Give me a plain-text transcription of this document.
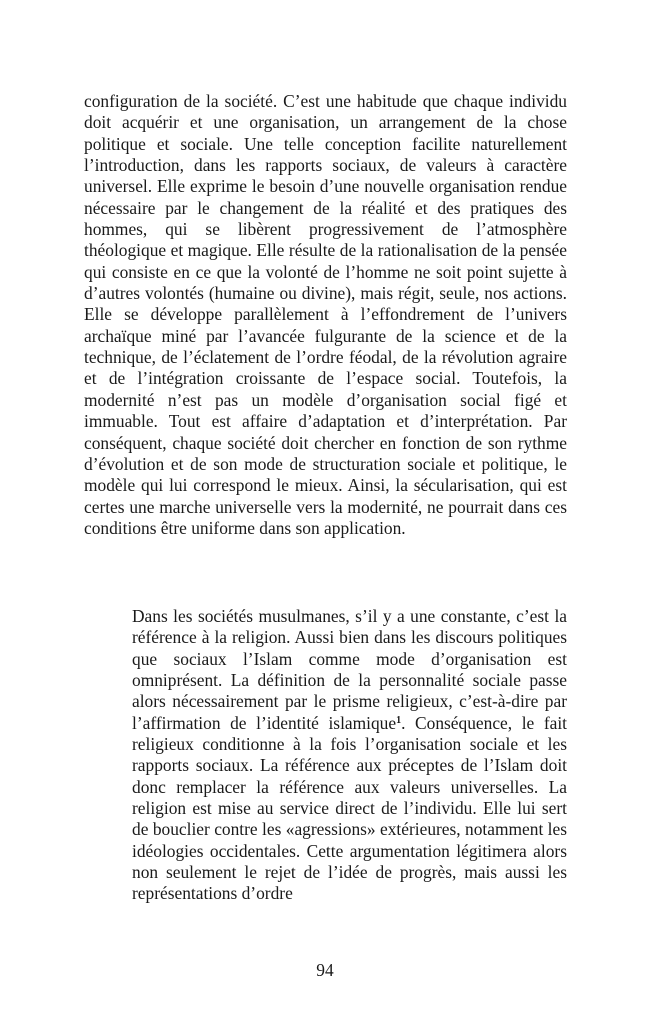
configuration de la société. C’est une habitude que chaque individu doit acquérir et une organisation, un arrangement de la chose politique et sociale. Une telle conception facilite naturellement l’introduction, dans les rapports sociaux, de valeurs à caractère universel. Elle exprime le besoin d’une nouvelle organisation rendue nécessaire par le changement de la réalité et des pratiques des hommes, qui se libèrent progressivement de l’atmosphère théologique et magique. Elle résulte de la rationalisation de la pensée qui consiste en ce que la volonté de l’homme ne soit point sujette à d’autres volontés (humaine ou divine), mais régit, seule, nos actions. Elle se développe parallèlement à l’effondrement de l’univers archaïque miné par l’avancée fulgurante de la science et de la technique, de l’éclatement de l’ordre féodal, de la révolution agraire et de l’intégration croissante de l’espace social. Toutefois, la modernité n’est pas un modèle d’organisation social figé et immuable. Tout est affaire d’adaptation et d’interprétation. Par conséquent, chaque société doit chercher en fonction de son rythme d’évolution et de son mode de structuration sociale et politique, le modèle qui lui correspond le mieux. Ainsi, la sécularisation, qui est certes une marche universelle vers la modernité, ne pourrait dans ces conditions être uniforme dans son application.

Dans les sociétés musulmanes, s’il y a une constante, c’est la référence à la religion. Aussi bien dans les discours politiques que sociaux l’Islam comme mode d’organisation est omniprésent. La définition de la personnalité sociale passe alors nécessairement par le prisme religieux, c’est-à-dire par l’affirmation de l’identité islamique$^1$. Conséquence, le fait religieux conditionne à la fois l’organisation sociale et les rapports sociaux. La référence aux préceptes de l’Islam doit donc remplacer la référence aux valeurs universelles. La religion est mise au service direct de l’individu. Elle lui sert de bouclier contre les «agressions» extérieures, notamment les idéologies occidentales. Cette argumentation légitimera alors non seulement le rejet de l’idée de progrès, mais aussi les représentations d’ordre

94
